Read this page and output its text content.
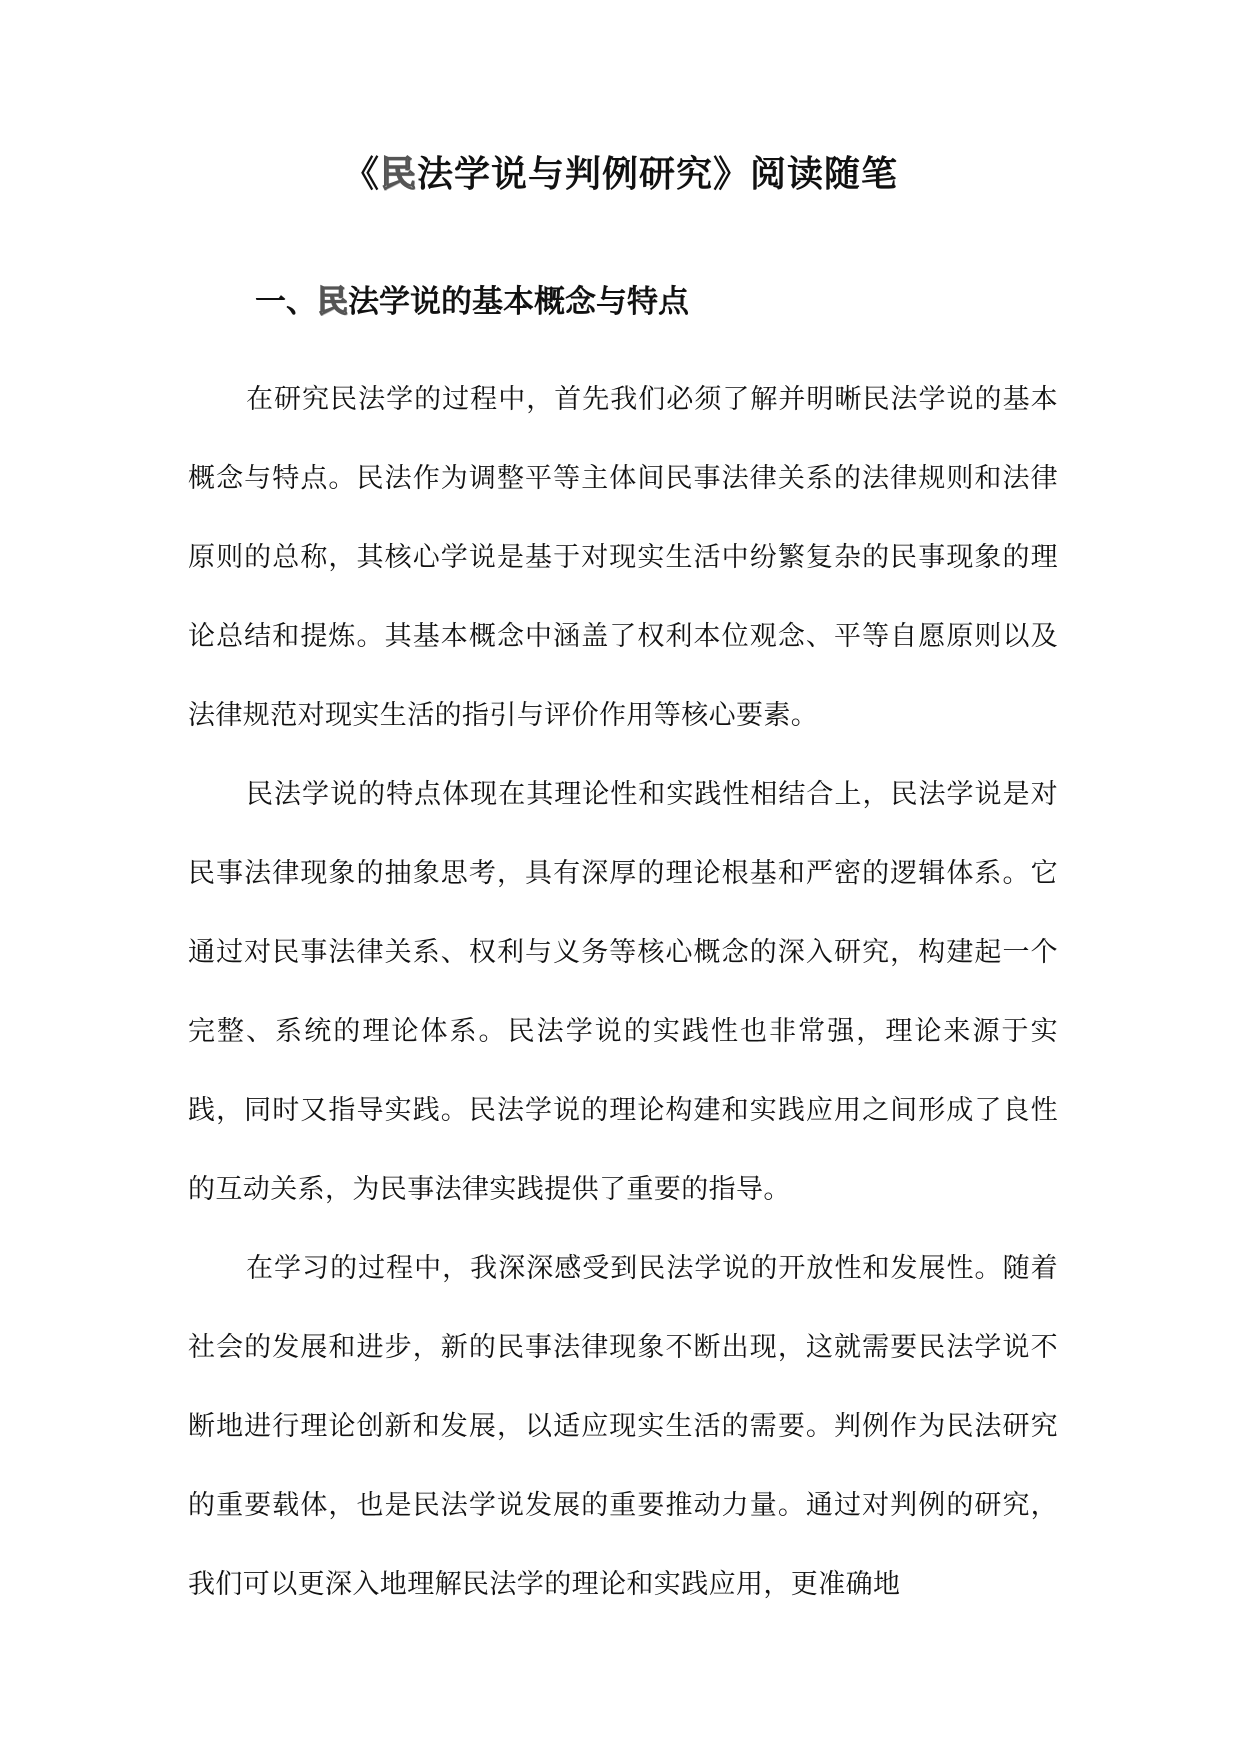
《民法学说与判例研究》阅读随笔
一、民法学说的基本概念与特点

在研究民法学的过程中，首先我们必须了解并明晰民法学说的基本概念与特点。民法作为调整平等主体间民事法律关系的法律规则和法律原则的总称，其核心学说是基于对现实生活中纷繁复杂的民事现象的理论总结和提炼。其基本概念中涵盖了权利本位观念、平等自愿原则以及法律规范对现实生活的指引与评价作用等核心要素。

民法学说的特点体现在其理论性和实践性相结合上，民法学说是对民事法律现象的抽象思考，具有深厚的理论根基和严密的逻辑体系。它通过对民事法律关系、权利与义务等核心概念的深入研究，构建起一个完整、系统的理论体系。民法学说的实践性也非常强，理论来源于实践，同时又指导实践。民法学说的理论构建和实践应用之间形成了良性的互动关系，为民事法律实践提供了重要的指导。

在学习的过程中，我深深感受到民法学说的开放性和发展性。随着社会的发展和进步，新的民事法律现象不断出现，这就需要民法学说不断地进行理论创新和发展，以适应现实生活的需要。判例作为民法研究的重要载体，也是民法学说发展的重要推动力量。通过对判例的研究，我们可以更深入地理解民法学的理论和实践应用，更准确地
